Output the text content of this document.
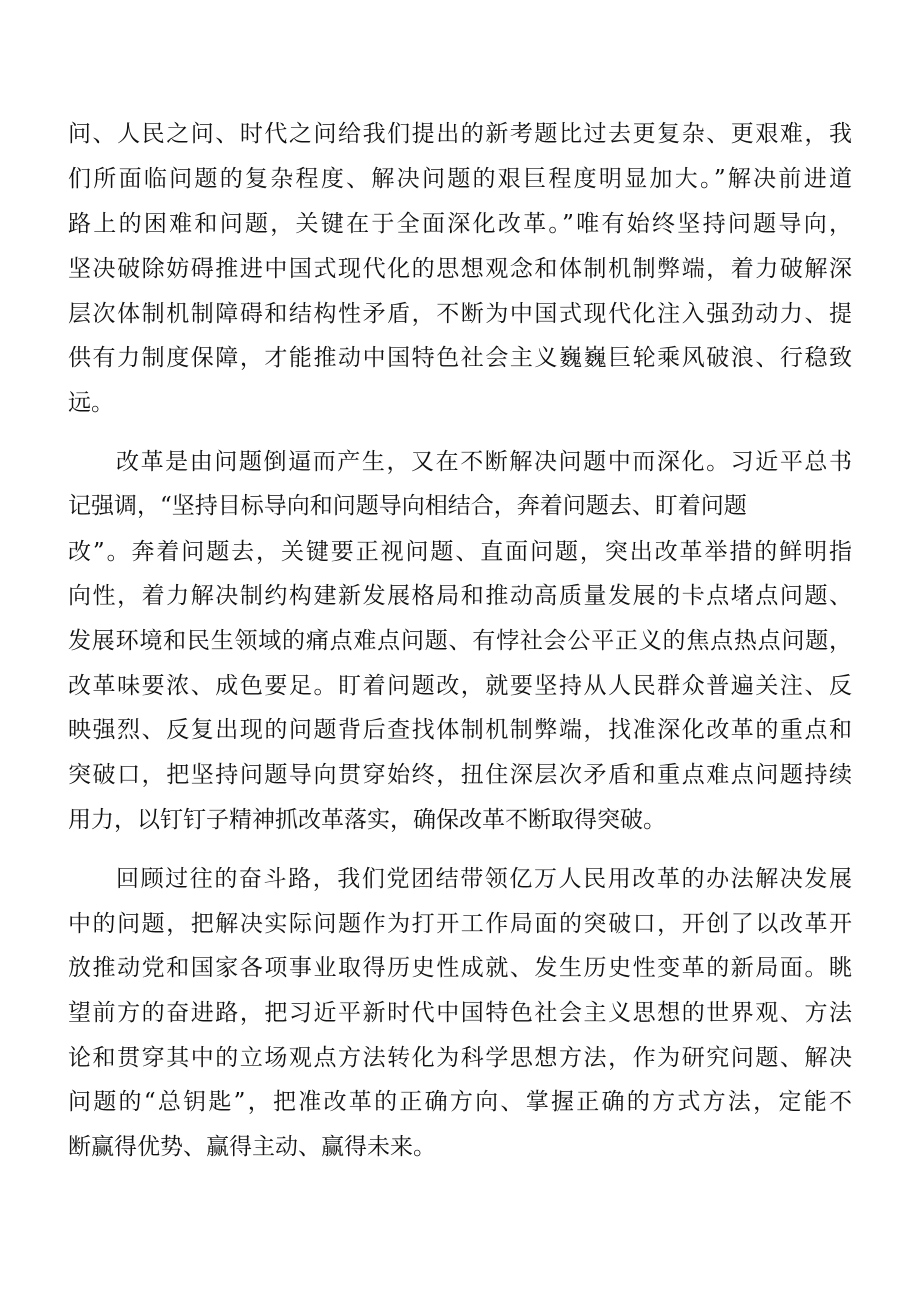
问、人民之问、时代之问给我们提出的新考题比过去更复杂、更艰难，我

们所面临问题的复杂程度、解决问题的艰巨程度明显加大。”解决前进道

路上的困难和问题，关键在于全面深化改革。”唯有始终坚持问题导向，

坚决破除妨碍推进中国式现代化的思想观念和体制机制弊端，着力破解深

层次体制机制障碍和结构性矛盾，不断为中国式现代化注入强劲动力、提

供有力制度保障，才能推动中国特色社会主义巍巍巨轮乘风破浪、行稳致

远。

改革是由问题倒逼而产生，又在不断解决问题中而深化。习近平总书

记强调，“坚持目标导向和问题导向相结合，奔着问题去、盯着问题

改”。奔着问题去，关键要正视问题、直面问题，突出改革举措的鲜明指

向性，着力解决制约构建新发展格局和推动高质量发展的卡点堵点问题、

发展环境和民生领域的痛点难点问题、有悖社会公平正义的焦点热点问题，

改革味要浓、成色要足。盯着问题改，就要坚持从人民群众普遍关注、反

映强烈、反复出现的问题背后查找体制机制弊端，找准深化改革的重点和

突破口，把坚持问题导向贯穿始终，扭住深层次矛盾和重点难点问题持续

用力，以钉钉子精神抓改革落实，确保改革不断取得突破。

回顾过往的奋斗路，我们党团结带领亿万人民用改革的办法解决发展

中的问题，把解决实际问题作为打开工作局面的突破口，开创了以改革开

放推动党和国家各项事业取得历史性成就、发生历史性变革的新局面。眺

望前方的奋进路，把习近平新时代中国特色社会主义思想的世界观、方法

论和贯穿其中的立场观点方法转化为科学思想方法，作为研究问题、解决

问题的“总钥匙”，把准改革的正确方向、掌握正确的方式方法，定能不

断赢得优势、赢得主动、赢得未来。
